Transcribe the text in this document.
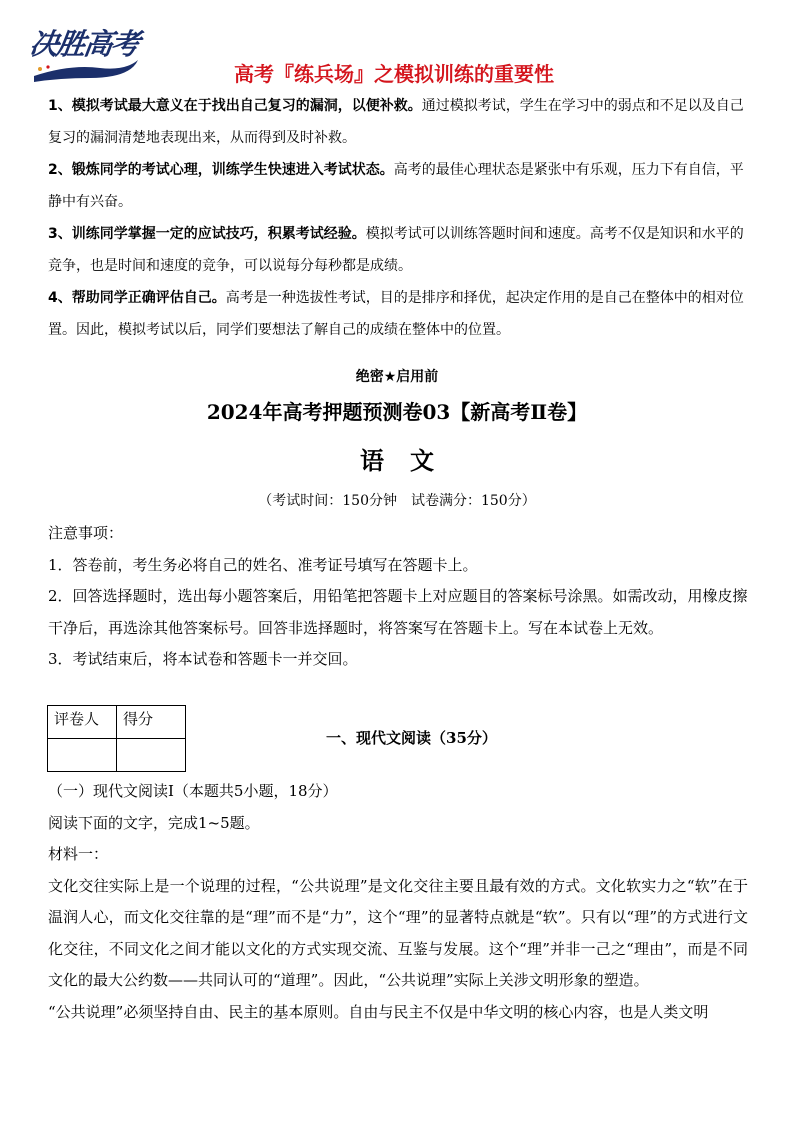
决胜高考
高考『练兵场』之模拟训练的重要性

1、模拟考试最大意义在于找出自己复习的漏洞，以便补救。通过模拟考试，学生在学习中的弱点和不足以及自己复习的漏洞清楚地表现出来，从而得到及时补救。

2、锻炼同学的考试心理，训练学生快速进入考试状态。高考的最佳心理状态是紧张中有乐观，压力下有自信，平静中有兴奋。

3、训练同学掌握一定的应试技巧，积累考试经验。模拟考试可以训练答题时间和速度。高考不仅是知识和水平的竞争，也是时间和速度的竞争，可以说每分每秒都是成绩。

4、帮助同学正确评估自己。高考是一种选拔性考试，目的是排序和择优，起决定作用的是自己在整体中的相对位置。因此，模拟考试以后，同学们要想法了解自己的成绩在整体中的位置。

绝密★启用前
2024年高考押题预测卷03【新高考Ⅱ卷】
语文
（考试时间：150分钟　试卷满分：150分）

注意事项：

1．答卷前，考生务必将自己的姓名、准考证号填写在答题卡上。

2．回答选择题时，选出每小题答案后，用铅笔把答题卡上对应题目的答案标号涂黑。如需改动，用橡皮擦干净后，再选涂其他答案标号。回答非选择题时，将答案写在答题卡上。写在本试卷上无效。

3．考试结束后，将本试卷和答题卡一并交回。

评卷人	得分

一、现代文阅读（35分）

（一）现代文阅读Ⅰ（本题共5小题，18分）

阅读下面的文字，完成1~5题。

材料一：

文化交往实际上是一个说理的过程，“公共说理”是文化交往主要且最有效的方式。文化软实力之“软”在于温润人心，而文化交往靠的是“理”而不是“力”，这个“理”的显著特点就是“软”。只有以“理”的方式进行文化交往，不同文化之间才能以文化的方式实现交流、互鉴与发展。这个“理”并非一己之“理由”，而是不同文化的最大公约数——共同认可的“道理”。因此，“公共说理”实际上关涉文明形象的塑造。

“公共说理”必须坚持自由、民主的基本原则。自由与民主不仅是中华文明的核心内容，也是人类文明
